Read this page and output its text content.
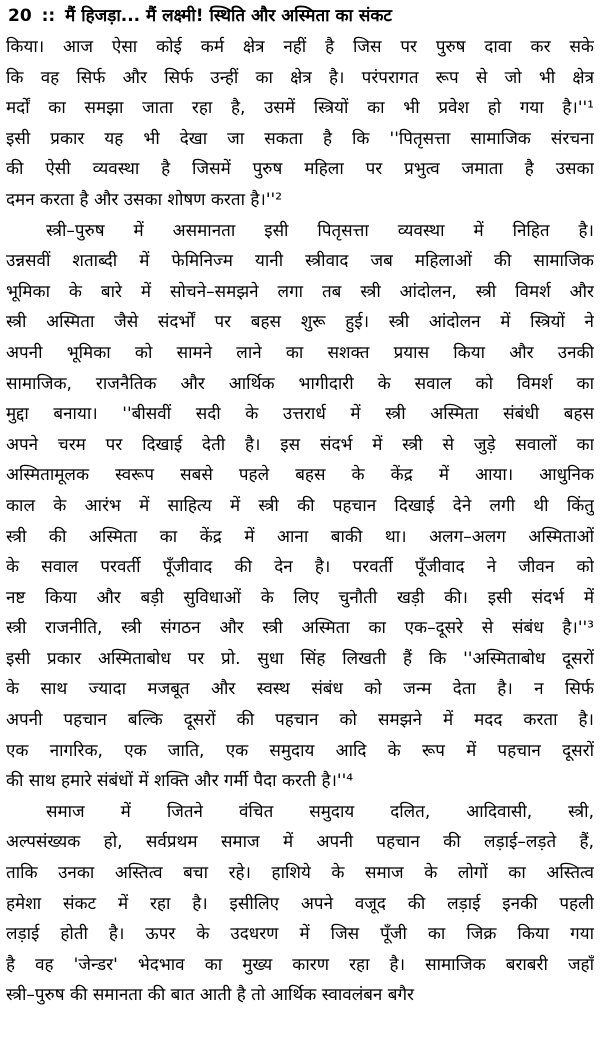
20 :: मैं हिजड़ा... मैं लक्ष्मी! स्थिति और अस्मिता का संकट
किया। आज ऐसा कोई कर्म क्षेत्र नहीं है जिस पर पुरुष दावा कर सके
कि वह सिर्फ और सिर्फ उन्हीं का क्षेत्र है। परंपरागत रूप से जो भी क्षेत्र
मर्दों का समझा जाता रहा है, उसमें स्त्रियों का भी प्रवेश हो गया है।''¹
इसी प्रकार यह भी देखा जा सकता है कि ''पितृसत्ता सामाजिक संरचना
की ऐसी व्यवस्था है जिसमें पुरुष महिला पर प्रभुत्व जमाता है उसका
दमन करता है और उसका शोषण करता है।''²
स्त्री–पुरुष में असमानता इसी पितृसत्ता व्यवस्था में निहित है।
उन्नसवीं शताब्दी में फेमिनिज्म यानी स्त्रीवाद जब महिलाओं की सामाजिक
भूमिका के बारे में सोचने–समझने लगा तब स्त्री आंदोलन, स्त्री विमर्श और
स्त्री अस्मिता जैसे संदर्भों पर बहस शुरू हुई। स्त्री आंदोलन में स्त्रियों ने
अपनी भूमिका को सामने लाने का सशक्त प्रयास किया और उनकी
सामाजिक, राजनैतिक और आर्थिक भागीदारी के सवाल को विमर्श का
मुद्दा बनाया। ''बीसवीं सदी के उत्तरार्ध में स्त्री अस्मिता संबंधी बहस
अपने चरम पर दिखाई देती है। इस संदर्भ में स्त्री से जुड़े सवालों का
अस्मितामूलक स्वरूप सबसे पहले बहस के केंद्र में आया। आधुनिक
काल के आरंभ में साहित्य में स्त्री की पहचान दिखाई देने लगी थी किंतु
स्त्री की अस्मिता का केंद्र में आना बाकी था। अलग–अलग अस्मिताओं
के सवाल परवर्ती पूँजीवाद की देन है। परवर्ती पूँजीवाद ने जीवन को
नष्ट किया और बड़ी सुविधाओं के लिए चुनौती खड़ी की। इसी संदर्भ में
स्त्री राजनीति, स्त्री संगठन और स्त्री अस्मिता का एक–दूसरे से संबंध है।''³
इसी प्रकार अस्मिताबोध पर प्रो. सुधा सिंह लिखती हैं कि ''अस्मिताबोध दूसरों
के साथ ज्यादा मजबूत और स्वस्थ संबंध को जन्म देता है। न सिर्फ
अपनी पहचान बल्कि दूसरों की पहचान को समझने में मदद करता है।
एक नागरिक, एक जाति, एक समुदाय आदि के रूप में पहचान दूसरों
की साथ हमारे संबंधों में शक्ति और गर्मी पैदा करती है।''⁴
समाज में जितने वंचित समुदाय दलित, आदिवासी, स्त्री,
अल्पसंख्यक हो, सर्वप्रथम समाज में अपनी पहचान की लड़ाई–लड़ते हैं,
ताकि उनका अस्तित्व बचा रहे। हाशिये के समाज के लोगों का अस्तित्व
हमेशा संकट में रहा है। इसीलिए अपने वजूद की लड़ाई इनकी पहली
लड़ाई होती है। ऊपर के उदधरण में जिस पूँजी का जिक्र किया गया
है वह 'जेन्डर' भेदभाव का मुख्य कारण रहा है। सामाजिक बराबरी जहाँ
स्त्री–पुरुष की समानता की बात आती है तो आर्थिक स्वावलंबन बगैर
